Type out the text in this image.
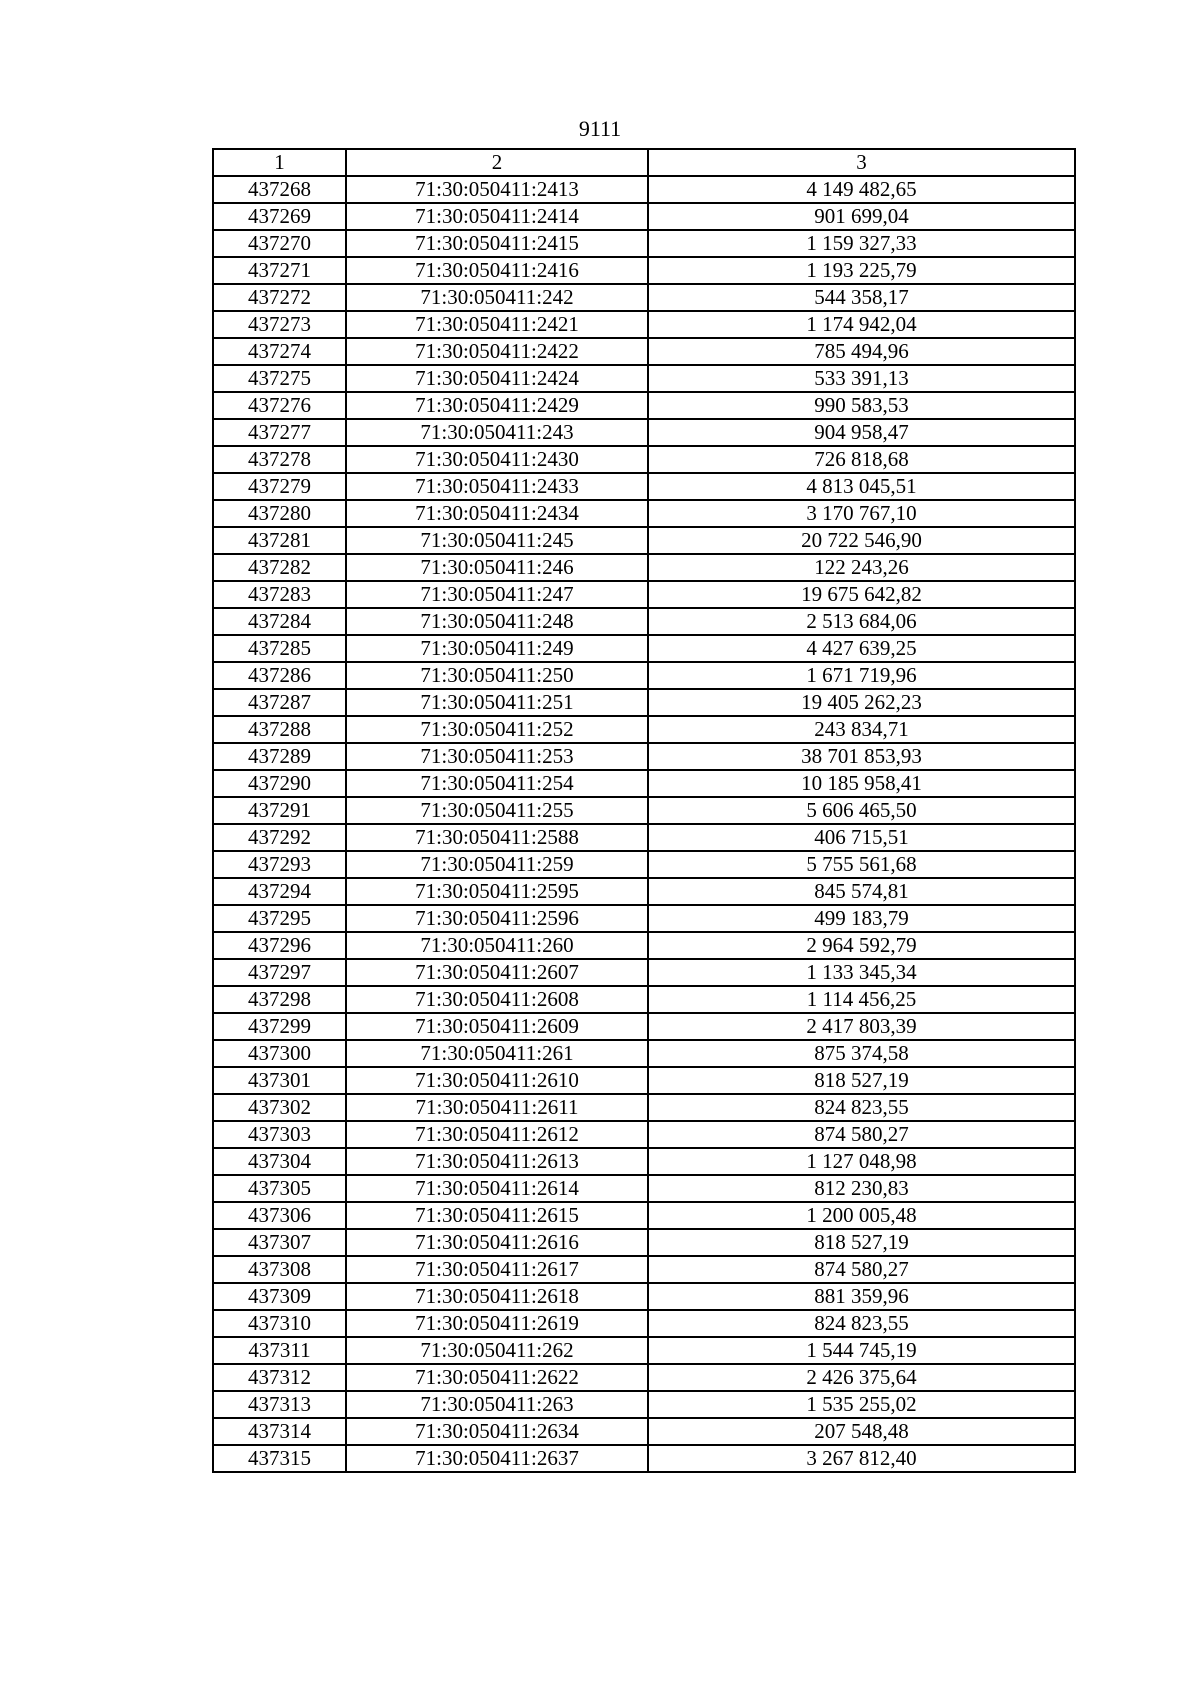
9111
1	2	3
437268	71:30:050411:2413	4 149 482,65
437269	71:30:050411:2414	901 699,04
437270	71:30:050411:2415	1 159 327,33
437271	71:30:050411:2416	1 193 225,79
437272	71:30:050411:242	544 358,17
437273	71:30:050411:2421	1 174 942,04
437274	71:30:050411:2422	785 494,96
437275	71:30:050411:2424	533 391,13
437276	71:30:050411:2429	990 583,53
437277	71:30:050411:243	904 958,47
437278	71:30:050411:2430	726 818,68
437279	71:30:050411:2433	4 813 045,51
437280	71:30:050411:2434	3 170 767,10
437281	71:30:050411:245	20 722 546,90
437282	71:30:050411:246	122 243,26
437283	71:30:050411:247	19 675 642,82
437284	71:30:050411:248	2 513 684,06
437285	71:30:050411:249	4 427 639,25
437286	71:30:050411:250	1 671 719,96
437287	71:30:050411:251	19 405 262,23
437288	71:30:050411:252	243 834,71
437289	71:30:050411:253	38 701 853,93
437290	71:30:050411:254	10 185 958,41
437291	71:30:050411:255	5 606 465,50
437292	71:30:050411:2588	406 715,51
437293	71:30:050411:259	5 755 561,68
437294	71:30:050411:2595	845 574,81
437295	71:30:050411:2596	499 183,79
437296	71:30:050411:260	2 964 592,79
437297	71:30:050411:2607	1 133 345,34
437298	71:30:050411:2608	1 114 456,25
437299	71:30:050411:2609	2 417 803,39
437300	71:30:050411:261	875 374,58
437301	71:30:050411:2610	818 527,19
437302	71:30:050411:2611	824 823,55
437303	71:30:050411:2612	874 580,27
437304	71:30:050411:2613	1 127 048,98
437305	71:30:050411:2614	812 230,83
437306	71:30:050411:2615	1 200 005,48
437307	71:30:050411:2616	818 527,19
437308	71:30:050411:2617	874 580,27
437309	71:30:050411:2618	881 359,96
437310	71:30:050411:2619	824 823,55
437311	71:30:050411:262	1 544 745,19
437312	71:30:050411:2622	2 426 375,64
437313	71:30:050411:263	1 535 255,02
437314	71:30:050411:2634	207 548,48
437315	71:30:050411:2637	3 267 812,40
